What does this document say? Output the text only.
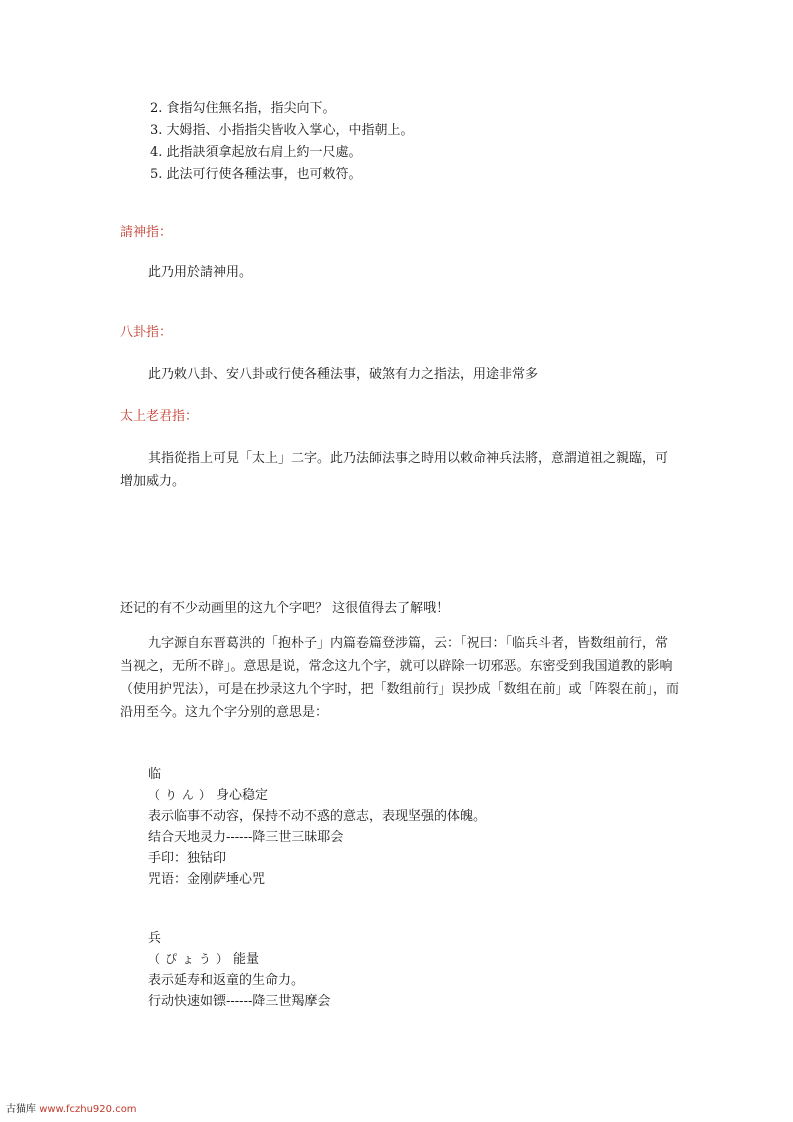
2. 食指勾住無名指，指尖向下。
3. 大姆指、小指指尖皆收入掌心，中指朝上。
4. 此指訣須拿起放右肩上約一尺處。
5. 此法可行使各種法事，也可敕符。
請神指：
此乃用於請神用。
八卦指：
此乃敕八卦、安八卦或行使各種法事，破煞有力之指法，用途非常多
太上老君指：
其指從指上可見「太上」二字。此乃法師法事之時用以敕命神兵法將，意謂道祖之親臨，可增加威力。
还记的有不少动画里的这九个字吧？ 这很值得去了解哦！
九字源自东晋葛洪的「抱朴子」内篇卷篇登涉篇，云：「祝曰：「临兵斗者，皆数组前行，常当视之，无所不辟」。意思是说，常念这九个字，就可以辟除一切邪恶。东密受到我国道教的影响（使用护咒法），可是在抄录这九个字时，把「数组前行」误抄成「数组在前」或「阵裂在前」，而沿用至今。这九个字分别的意思是：
临
（りん）身心稳定
表示临事不动容，保持不动不惑的意志，表现坚强的体魄。
结合天地灵力------降三世三昧耶会
手印：独钴印
咒语：金刚萨埵心咒
兵
（ぴょう）能量
表示延寿和返童的生命力。
行动快速如镖------降三世羯摩会
古猫库 www.fczhu920.com
